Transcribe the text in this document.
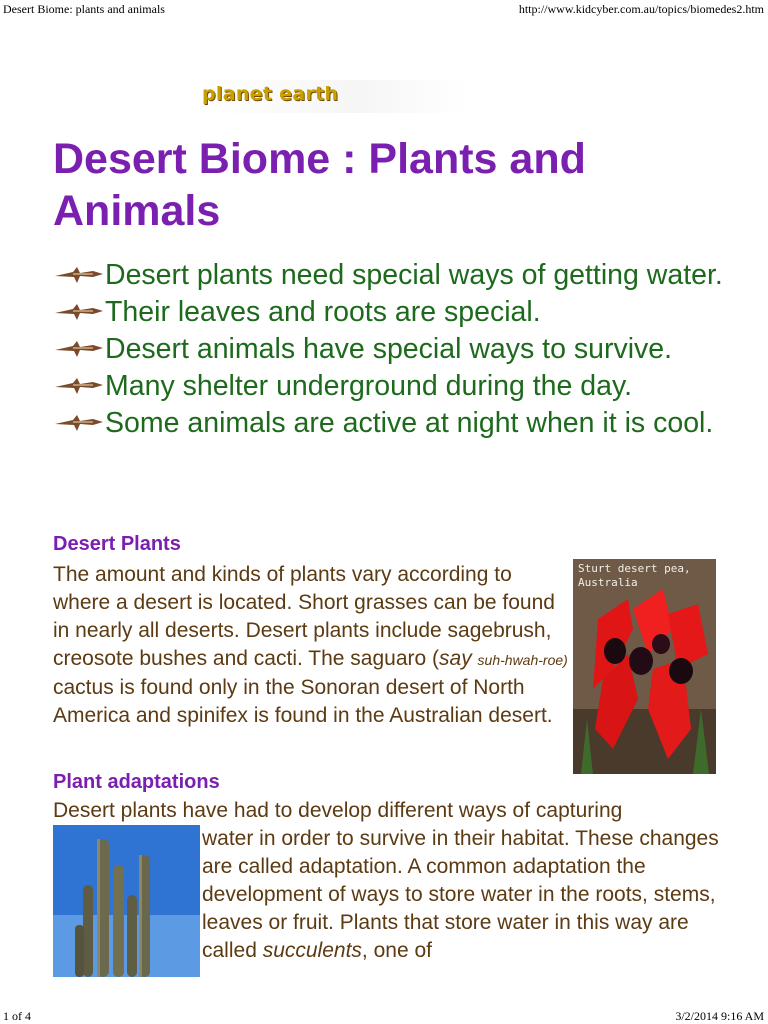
Desert Biome: plants and animals	http://www.kidcyber.com.au/topics/biomedes2.htm
planet earth
Desert Biome : Plants and Animals
Desert plants need special ways of getting water.
Their leaves and roots are special.
Desert animals have special ways to survive.
Many shelter underground during the day.
Some animals are active at night when it is cool.
Desert Plants
The amount and kinds of plants vary according to where a desert is located. Short grasses can be found in nearly all deserts. Desert plants include sagebrush, creosote bushes and cacti. The saguaro (say suh-hwah-roe) cactus is found only in the Sonoran desert of North America and spinifex is found in the Australian desert.
Sturt desert pea,
Australia
Plant adaptations
Desert plants have had to develop different ways of capturing
water in order to survive in their habitat. These changes are called adaptation. A common adaptation the development of ways to store water in the roots, stems, leaves or fruit. Plants that store water in this way are called succulents, one of
1 of 4	3/2/2014 9:16 AM
